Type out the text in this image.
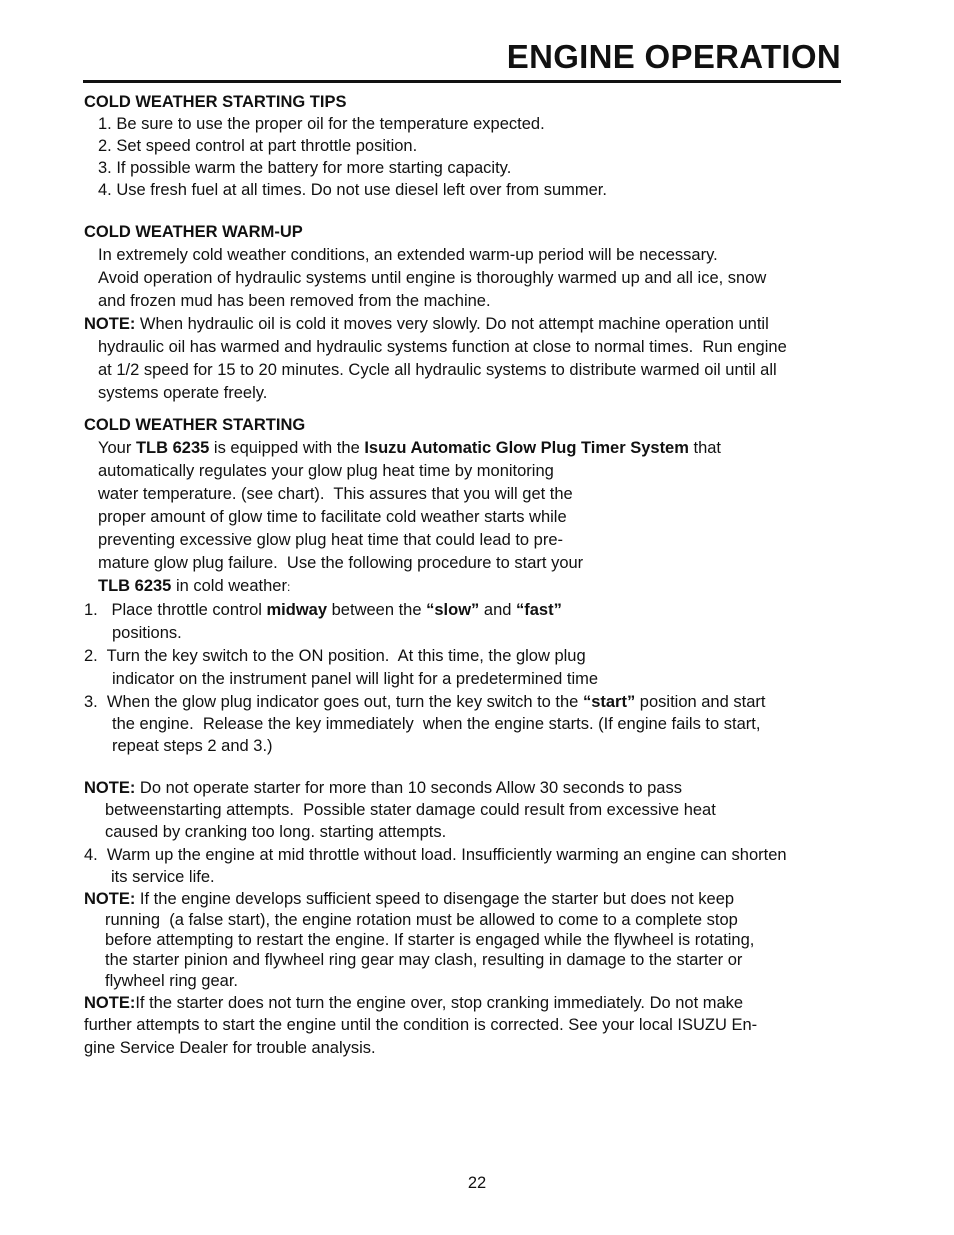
ENGINE OPERATION
COLD WEATHER STARTING TIPS
1. Be sure to use the proper oil for the temperature expected.
2. Set speed control at part throttle position.
3. If possible warm the battery for more starting capacity.
4. Use fresh fuel at all times. Do not use diesel left over from summer.
COLD WEATHER WARM-UP
In extremely cold weather conditions, an extended warm-up period will be necessary.
Avoid operation of hydraulic systems until engine is thoroughly warmed up and all ice, snow
and frozen mud has been removed from the machine.
NOTE: When hydraulic oil is cold it moves very slowly. Do not attempt machine operation until
hydraulic oil has warmed and hydraulic systems function at close to normal times.  Run engine
at 1/2 speed for 15 to 20 minutes. Cycle all hydraulic systems to distribute warmed oil until all
systems operate freely.
COLD WEATHER STARTING
Your TLB 6235 is equipped with the Isuzu Automatic Glow Plug Timer System that
automatically regulates your glow plug heat time by monitoring
water temperature. (see chart).  This assures that you will get the
proper amount of glow time to facilitate cold weather starts while
preventing excessive glow plug heat time that could lead to pre-
mature glow plug failure.  Use the following procedure to start your
TLB 6235 in cold weather:
1.   Place throttle control midway between the “slow” and “fast”
positions.
2.  Turn the key switch to the ON position.  At this time, the glow plug
indicator on the instrument panel will light for a predetermined time
3.  When the glow plug indicator goes out, turn the key switch to the “start” position and start
the engine.  Release the key immediately  when the engine starts. (If engine fails to start,
repeat steps 2 and 3.)
NOTE: Do not operate starter for more than 10 seconds Allow 30 seconds to pass
betweenstarting attempts.  Possible stater damage could result from excessive heat
caused by cranking too long. starting attempts.
4.  Warm up the engine at mid throttle without load. Insufficiently warming an engine can shorten
its service life.
NOTE: If the engine develops sufficient speed to disengage the starter but does not keep
running  (a false start), the engine rotation must be allowed to come to a complete stop
before attempting to restart the engine. If starter is engaged while the flywheel is rotating,
the starter pinion and flywheel ring gear may clash, resulting in damage to the starter or
flywheel ring gear.
NOTE:If the starter does not turn the engine over, stop cranking immediately. Do not make
further attempts to start the engine until the condition is corrected. See your local ISUZU En-
gine Service Dealer for trouble analysis.
22
